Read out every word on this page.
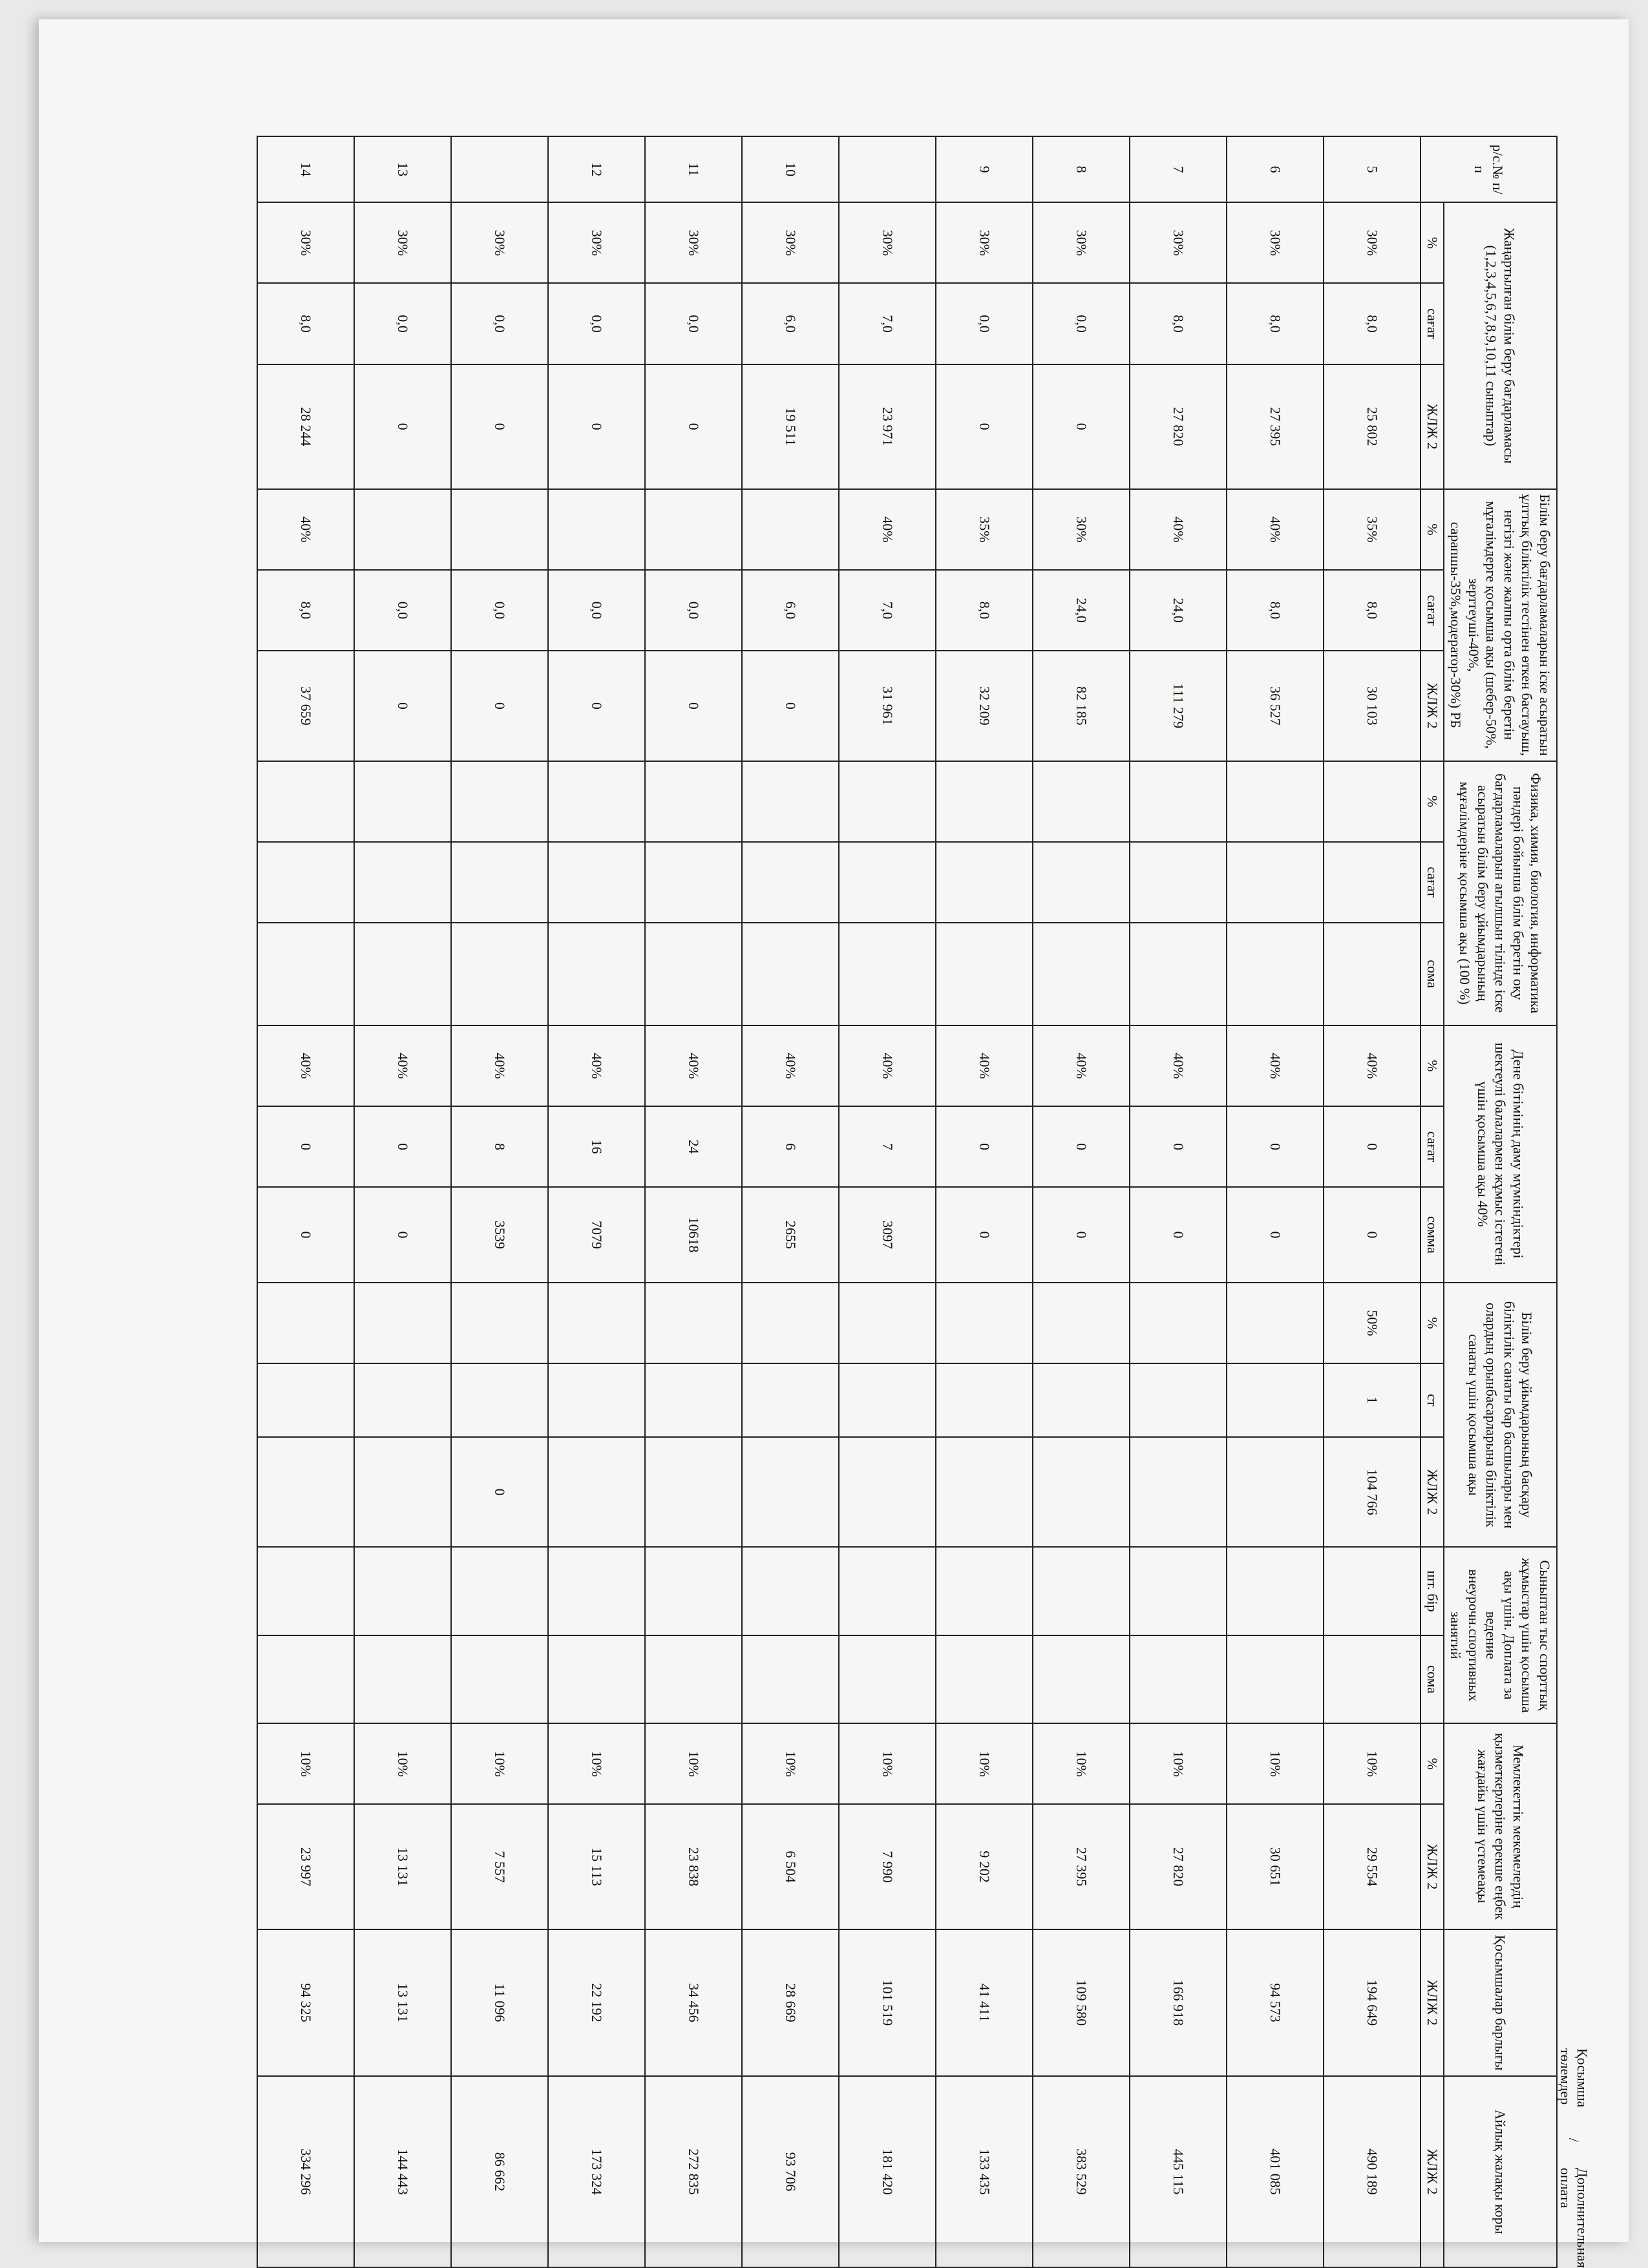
Қосымша төлемдер
/
Дополнительная оплата
р/с.№ п/п	Жаңартылған білім беру бағдарламасы (1,2,3,4,5,6,7,8,9,10,11 сыныптар)			Білім беру бағдарламаларын іске асыратын ұлттық біліктілік тестінен өткен бастауыш, негізгі және жалпы орта білім беретін мұғалімдерге қосымша ақы (шебер-50%, зерттеуші-40%, сарапшы-35%,модератор-30%) РБ			Физика, химия, биология, информатика пәндері бойынша білім беретін оқу бағдарламаларын ағылшын тілінде іске асыратын білім беру ұйымдарының мұғалімдеріне қосымша ақы (100 %)			Дене бітімінің даму мүмкіндіктері шектеулі балалармен жұмыс істегені үшін қосымша ақы 40%			Білім беру ұйымдарының басқару біліктілік санаты бар басшылары мен олардың орынбасарларына біліктілік санаты үшін қосымша ақы			Сыныптан тыс спорттық жұмыстар үшін қосымша ақы үшін. Доплата за ведение внеурочн.спортивных занятий		Мемлекеттік мекемелердің қызметкерлеріне ерекше еңбек жағдайы үшін үстемеақы		Қосымшалар барлығы	Айлық жалақы коры
	%	сағат	ЖЛЖ 2	%	сағат	ЖЛЖ 2	%	сағат	сома	%	сағат	сомма	%	ст	ЖЛЖ 2	шт. бір	сома	%	ЖЛЖ 2	ЖЛЖ 2	ЖЛЖ 2
5	30%	8,0	25 802	35%	8,0	30 103				40%	0	0	50%	1	104 766			10%	29 554	194 649	490 189
6	30%	8,0	27 395	40%	8,0	36 527				40%	0	0						10%	30 651	94 573	401 085
7	30%	8,0	27 820	40%	24,0	111 279				40%	0	0						10%	27 820	166 918	445 115
8	30%	0,0	0	30%	24,0	82 185				40%	0	0						10%	27 395	109 580	383 529
9	30%	0,0	0	35%	8,0	32 209				40%	0	0						10%	9 202	41 411	133 435
	30%	7,0	23 971	40%	7,0	31 961				40%	7	3097						10%	7 990	101 519	181 420
10	30%	6,0	19 511		6,0	0				40%	6	2655						10%	6 504	28 669	93 706
11	30%	0,0	0		0,0	0				40%	24	10618						10%	23 838	34 456	272 835
12	30%	0,0	0		0,0	0				40%	16	7079						10%	15 113	22 192	173 324
	30%	0,0	0		0,0	0				40%	8	3539			0			10%	7 557	11 096	86 662
13	30%	0,0	0		0,0	0				40%	0	0						10%	13 131	13 131	144 443
14	30%	8,0	28 244	40%	8,0	37 659				40%	0	0						10%	23 997	94 325	334 296
